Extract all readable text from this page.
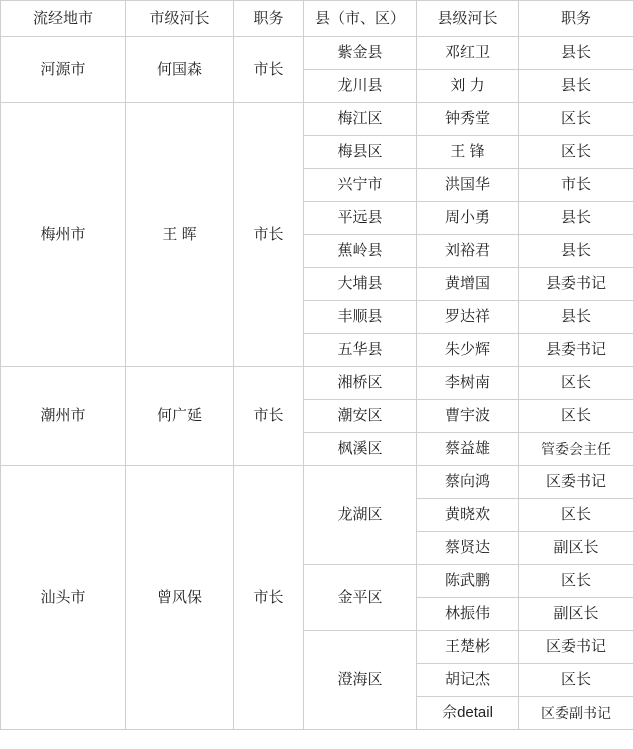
流经地市	市级河长	职务	县（市、区）	县级河长	职务
河源市	何国森	市长	紫金县	邓红卫	县长
			龙川县	刘 力	县长
梅州市	王 晖	市长	梅江区	钟秀堂	区长
			梅县区	王 锋	区长
			兴宁市	洪国华	市长
			平远县	周小勇	县长
			蕉岭县	刘裕君	县长
			大埔县	黄增国	县委书记
			丰顺县	罗达祥	县长
			五华县	朱少辉	县委书记
潮州市	何广延	市长	湘桥区	李树南	区长
			潮安区	曹宇波	区长
			枫溪区	蔡益雄	管委会主任
汕头市	曾风保	市长	龙湖区	蔡向鸿	区委书记
				黄晓欢	区长
				蔡贤达	副区长
			金平区	陈武鹏	区长
				林振伟	副区长
			澄海区	王楚彬	区委书记
				胡记杰	区长
				佘detail	区委副书记
